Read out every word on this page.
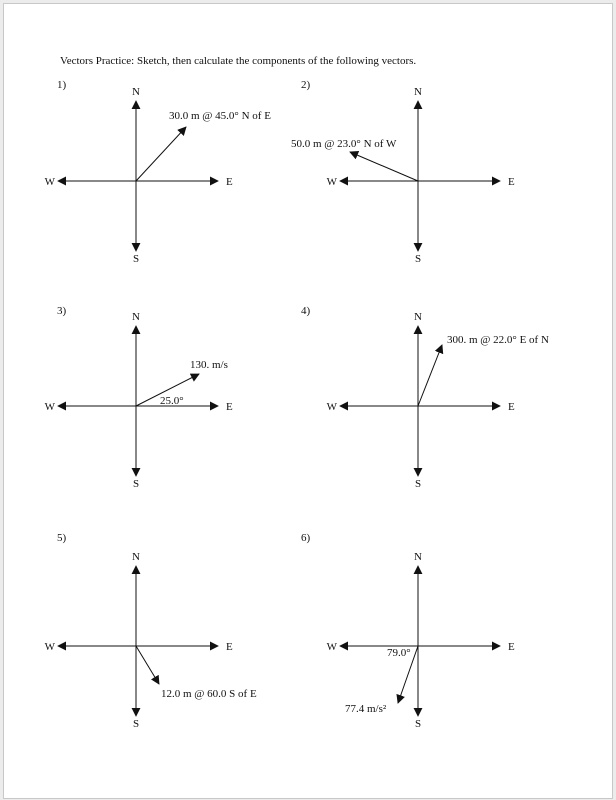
Vectors Practice: Sketch, then calculate the components of the following vectors.
1)
N
S
E
W
30.0 m @ 45.0° N of E
2)
N
S
E
W
50.0 m @ 23.0° N of W
3)	N
S
E
W
130. m/s
25.0°
4)	N
S
E
W
300. m @ 22.0° E of N
5)
N
S
E
W
12.0 m @ 60.0 S of E
6)
N
S
E
W
77.4 m/s²
79.0°
